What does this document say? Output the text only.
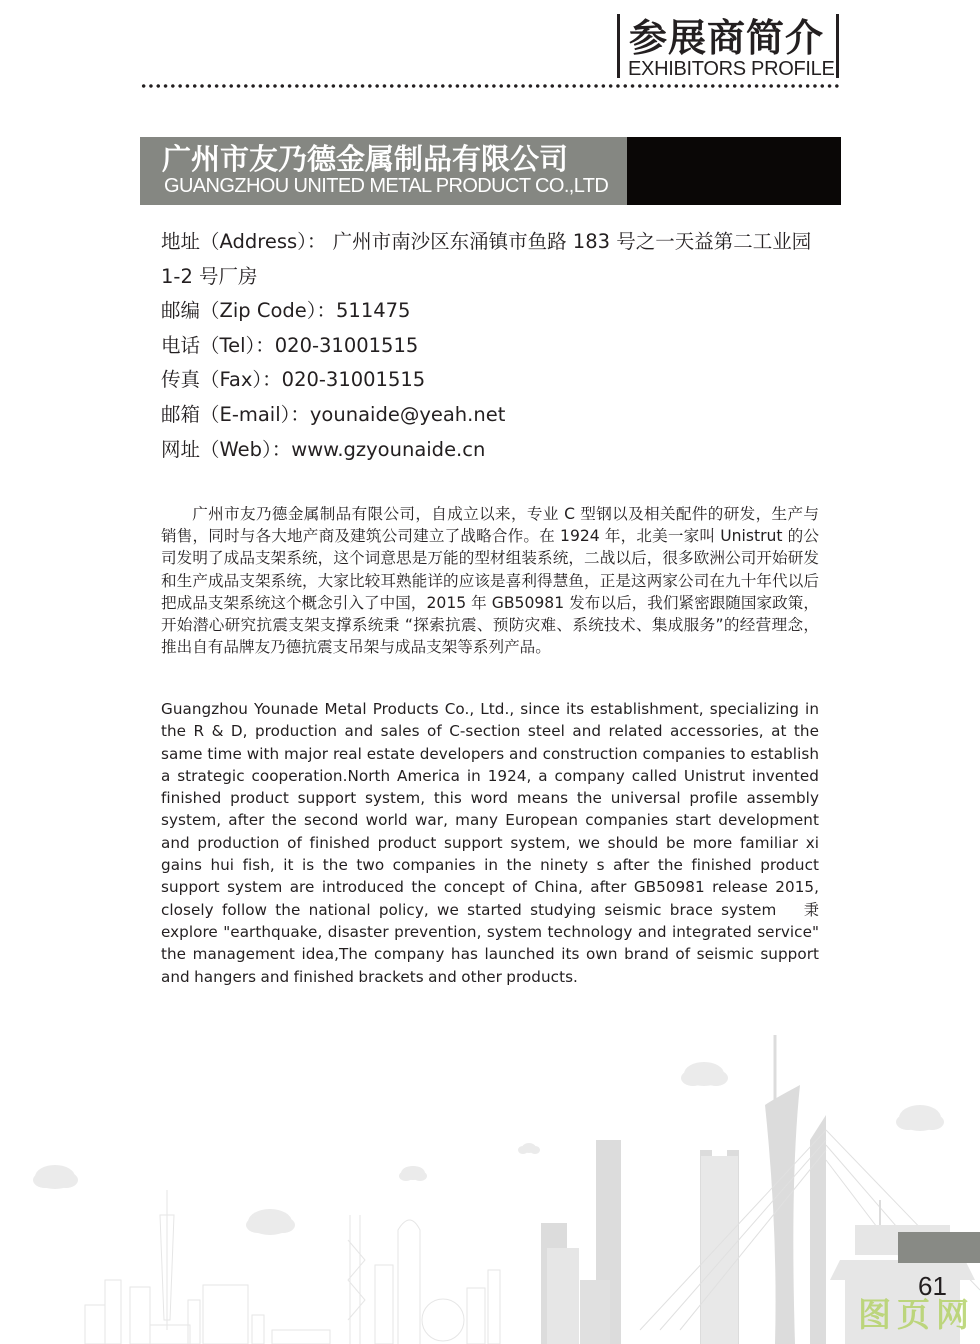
参展商简介
EXHIBITORS PROFILE
广州市友乃德金属制品有限公司
GUANGZHOU UNITED METAL PRODUCT CO.,LTD
地址（Address）： 广州市南沙区东涌镇市鱼路 183 号之一天益第二工业园
1-2 号厂房
邮编（Zip Code）：511475
电话（Tel）：020-31001515
传真（Fax）：020-31001515
邮箱（E-mail）：younaide@yeah.net
网址（Web）：www.gzyounaide.cn

广州市友乃德金属制品有限公司，自成立以来，专业 C 型钢以及相关配件的研发，生产与销售，同时与各大地产商及建筑公司建立了战略合作。在 1924 年，北美一家叫 Unistrut 的公司发明了成品支架系统，这个词意思是万能的型材组装系统，二战以后，很多欧洲公司开始研发和生产成品支架系统，大家比较耳熟能详的应该是喜利得慧鱼，正是这两家公司在九十年代以后把成品支架系统这个概念引入了中国，2015 年 GB50981 发布以后，我们紧密跟随国家政策，开始潜心研究抗震支架支撑系统秉 “探索抗震、预防灾难、系统技术、集成服务”的经营理念，推出自有品牌友乃德抗震支吊架与成品支架等系列产品。

Guangzhou Younade Metal Products Co., Ltd., since its establishment, specializing in the R & D, production and sales of C-section steel and related accessories, at the same time with major real estate developers and construction companies to establish a strategic cooperation.North America in 1924, a company called Unistrut invented finished product support system, this word means the universal profile assembly system, after the second world war, many European companies start development and production of finished product support system, we should be more familiar xi gains hui fish, it is the two companies in the ninety s after the finished product support system are introduced the concept of China, after GB50981 release 2015, closely follow the national policy, we started studying seismic brace system 　秉 explore "earthquake, disaster prevention, system technology and integrated service" the management idea,The company has launched its own brand of seismic support and hangers and finished brackets and other products.

61
图页网
